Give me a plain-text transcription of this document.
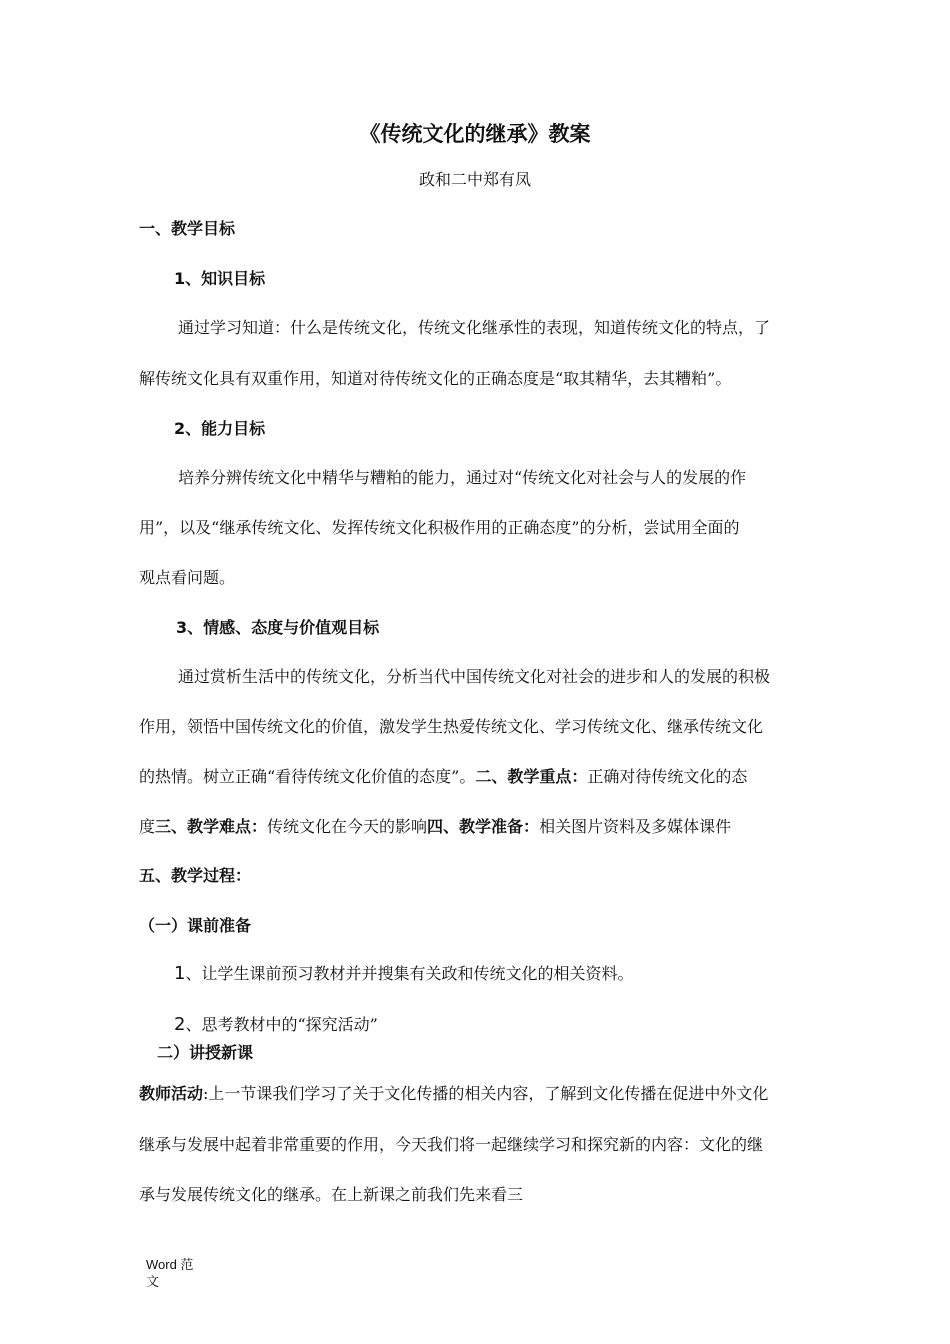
《传统文化的继承》教案
政和二中郑有凤
一、教学目标
1、知识目标
通过学习知道：什么是传统文化，传统文化继承性的表现，知道传统文化的特点，了
解传统文化具有双重作用，知道对待传统文化的正确态度是“取其精华，去其糟粕”。
2、能力目标
培养分辨传统文化中精华与糟粕的能力，通过对“传统文化对社会与人的发展的作
用”，以及“继承传统文化、发挥传统文化积极作用的正确态度”的分析，尝试用全面的
观点看问题。
3、情感、态度与价值观目标
通过赏析生活中的传统文化，分析当代中国传统文化对社会的进步和人的发展的积极
作用，领悟中国传统文化的价值，激发学生热爱传统文化、学习传统文化、继承传统文化
的热情。树立正确“看待传统文化价值的态度”。二、教学重点：正确对待传统文化的态
度三、教学难点：传统文化在今天的影响四、教学准备：相关图片资料及多媒体课件
五、教学过程：
（一）课前准备
1、让学生课前预习教材并并搜集有关政和传统文化的相关资料。
2、思考教材中的“探究活动”
二）讲授新课
教师活动:上一节课我们学习了关于文化传播的相关内容，了解到文化传播在促进中外文化
继承与发展中起着非常重要的作用，今天我们将一起继续学习和探究新的内容：文化的继
承与发展传统文化的继承。在上新课之前我们先来看三
Word 范
文
